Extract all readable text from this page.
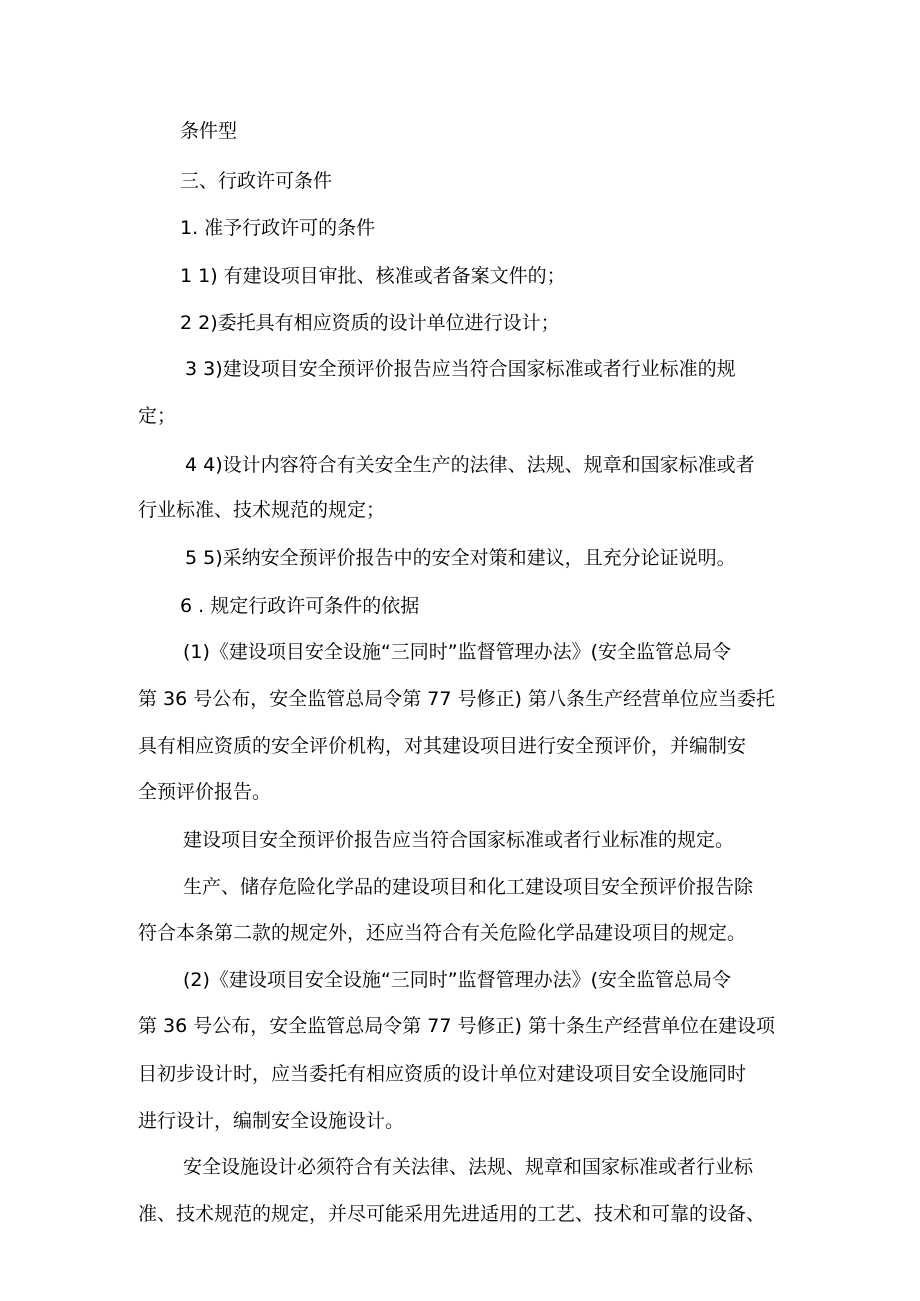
条件型

三、行政许可条件

1. 准予行政许可的条件

1 1) 有建设项目审批、核准或者备案文件的；

2 2)委托具有相应资质的设计单位进行设计；

3 3)建设项目安全预评价报告应当符合国家标准或者行业标准的规

定；

4 4)设计内容符合有关安全生产的法律、法规、规章和国家标准或者

行业标准、技术规范的规定；

5 5)采纳安全预评价报告中的安全对策和建议，且充分论证说明。

6 . 规定行政许可条件的依据

(1)《建设项目安全设施“三同时”监督管理办法》(安全监管总局令

第 36 号公布，安全监管总局令第 77 号修正) 第八条生产经营单位应当委托

具有相应资质的安全评价机构，对其建设项目进行安全预评价，并编制安

全预评价报告。

建设项目安全预评价报告应当符合国家标准或者行业标准的规定。

生产、储存危险化学品的建设项目和化工建设项目安全预评价报告除

符合本条第二款的规定外，还应当符合有关危险化学品建设项目的规定。

(2)《建设项目安全设施“三同时”监督管理办法》(安全监管总局令

第 36 号公布，安全监管总局令第 77 号修正) 第十条生产经营单位在建设项

目初步设计时，应当委托有相应资质的设计单位对建设项目安全设施同时

进行设计，编制安全设施设计。

安全设施设计必须符合有关法律、法规、规章和国家标准或者行业标

准、技术规范的规定，并尽可能采用先进适用的工艺、技术和可靠的设备、
